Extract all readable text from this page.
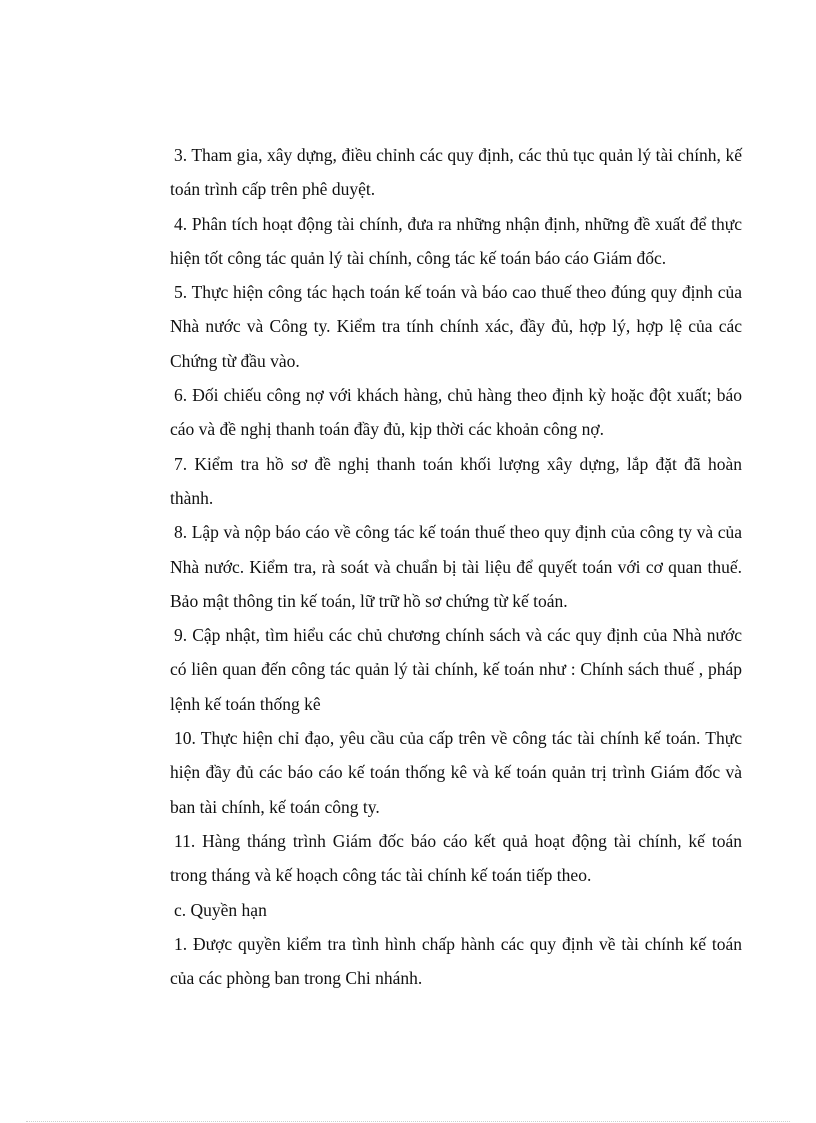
3. Tham gia, xây dựng, điều chỉnh các quy định, các thủ tục quản lý tài chính, kế toán trình cấp trên phê duyệt.

4. Phân tích hoạt động tài chính, đưa ra những nhận định, những đề xuất để thực hiện tốt công tác quản lý tài chính, công tác kế toán báo cáo Giám đốc.

5. Thực hiện công tác hạch toán kế toán và báo cao thuế theo đúng quy định của Nhà nước và Công ty. Kiểm tra tính chính xác, đầy đủ, hợp lý, hợp lệ của các Chứng từ đầu vào.

6. Đối chiếu công nợ với khách hàng, chủ hàng theo định kỳ hoặc đột xuất; báo cáo và đề nghị thanh toán đầy đủ, kịp thời các khoản công nợ.

7. Kiểm tra hồ sơ đề nghị thanh toán khối lượng xây dựng, lắp đặt đã hoàn thành.

8. Lập và nộp báo cáo về công tác kế toán thuế theo quy định của công ty và của Nhà nước. Kiểm tra, rà soát và chuẩn bị tài liệu để quyết toán với cơ quan thuế. Bảo mật thông tin kế toán, lữ trữ hồ sơ chứng từ kế toán.

9. Cập nhật, tìm hiểu các chủ chương chính sách và các quy định của Nhà nước có liên quan đến công tác quản lý tài chính, kế toán như : Chính sách thuế , pháp lệnh kế toán thống kê

10. Thực hiện chỉ đạo, yêu cầu của cấp trên về công tác tài chính kế toán. Thực hiện đầy đủ các báo cáo kế toán thống kê và kế toán quản trị trình Giám đốc và ban tài chính, kế toán công ty.

11. Hàng tháng trình Giám đốc báo cáo kết quả hoạt động tài chính, kế toán trong tháng và kế hoạch công tác tài chính kế toán tiếp theo.

c. Quyền hạn

1. Được quyền kiểm tra tình hình chấp hành các quy định về tài chính kế toán của các phòng ban trong Chi nhánh.
